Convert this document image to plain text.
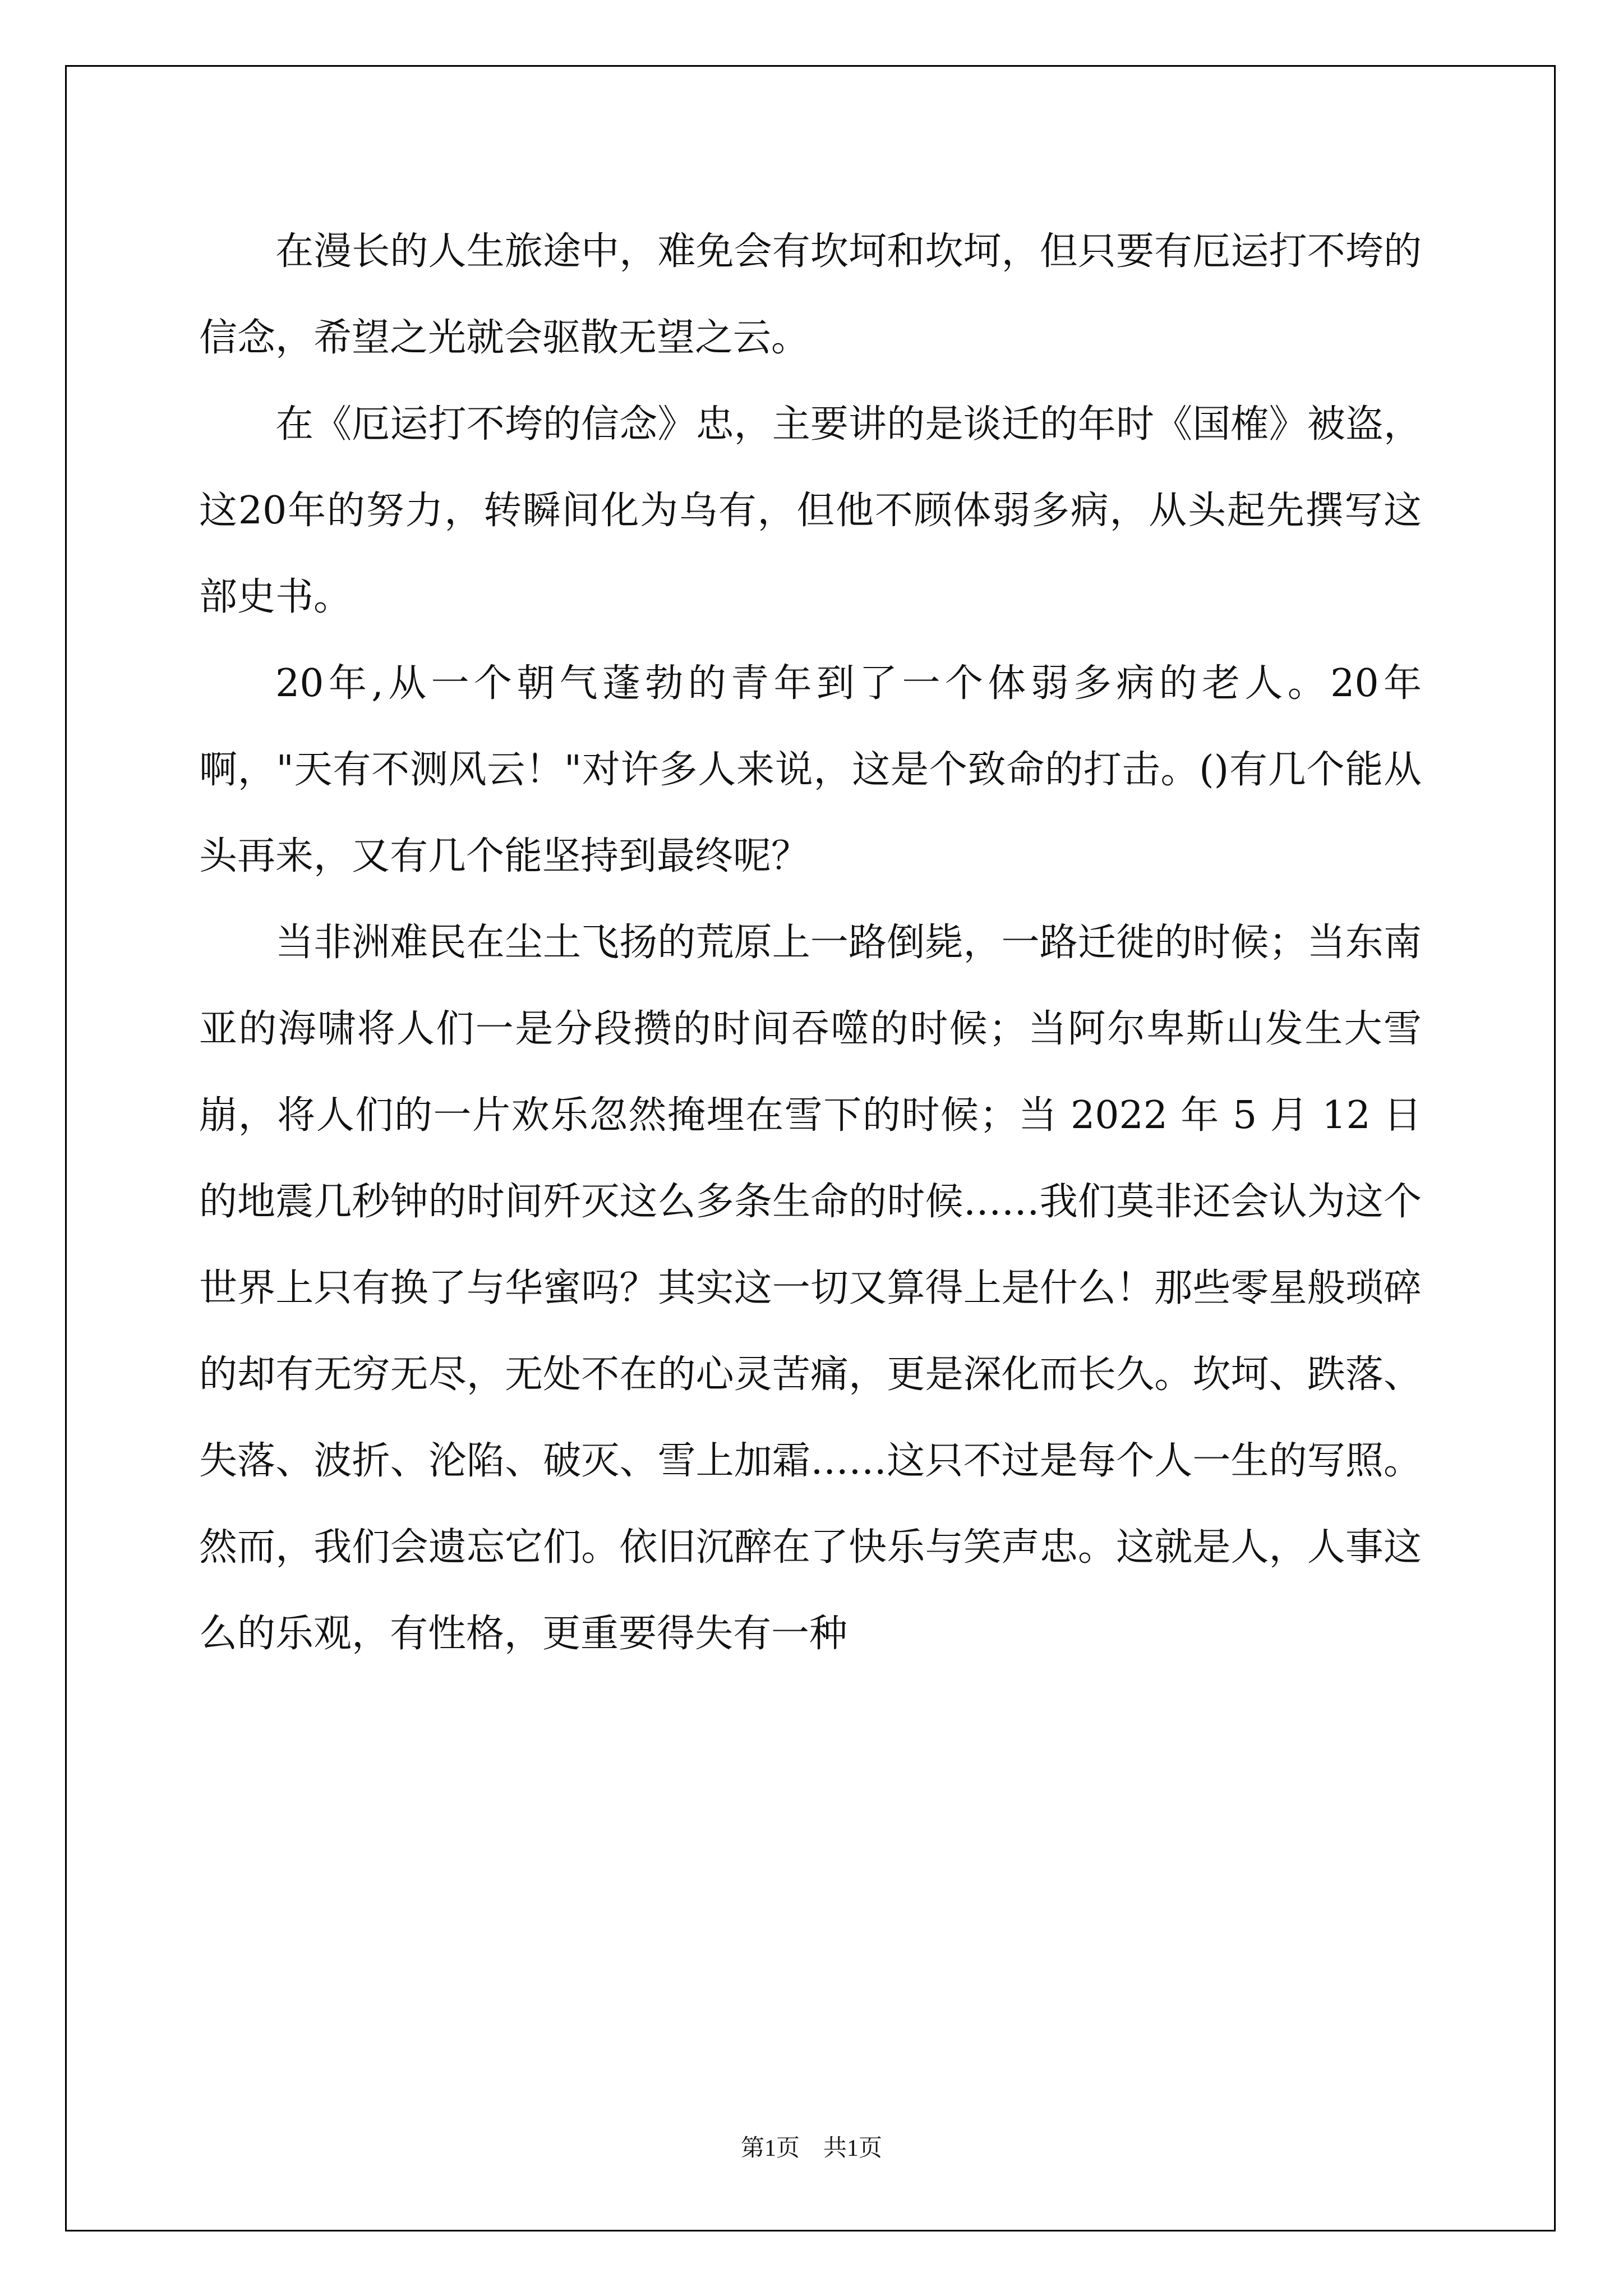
在漫长的人生旅途中，难免会有坎坷和坎坷，但只要有厄运打不垮的信念，希望之光就会驱散无望之云。

在《厄运打不垮的信念》忠，主要讲的是谈迁的年时《国榷》被盗，这20年的努力，转瞬间化为乌有，但他不顾体弱多病，从头起先撰写这部史书。

20年,从一个朝气蓬勃的青年到了一个体弱多病的老人。20年啊，"天有不测风云！"对许多人来说，这是个致命的打击。()有几个能从头再来，又有几个能坚持到最终呢？

当非洲难民在尘土飞扬的荒原上一路倒毙，一路迁徙的时候；当东南亚的海啸将人们一是分段攒的时间吞噬的时候；当阿尔卑斯山发生大雪崩，将人们的一片欢乐忽然掩埋在雪下的时候；当 2022 年 5 月 12 日 的地震几秒钟的时间歼灭这么多条生命的时候……我们莫非还会认为这个世界上只有换了与华蜜吗？其实这一切又算得上是什么！那些零星般琐碎的却有无穷无尽，无处不在的心灵苦痛，更是深化而长久。坎坷、跌落、失落、波折、沦陷、破灭、雪上加霜……这只不过是每个人一生的写照。然而，我们会遗忘它们。依旧沉醉在了快乐与笑声忠。这就是人，人事这么的乐观，有性格，更重要得失有一种

第1页　共1页
